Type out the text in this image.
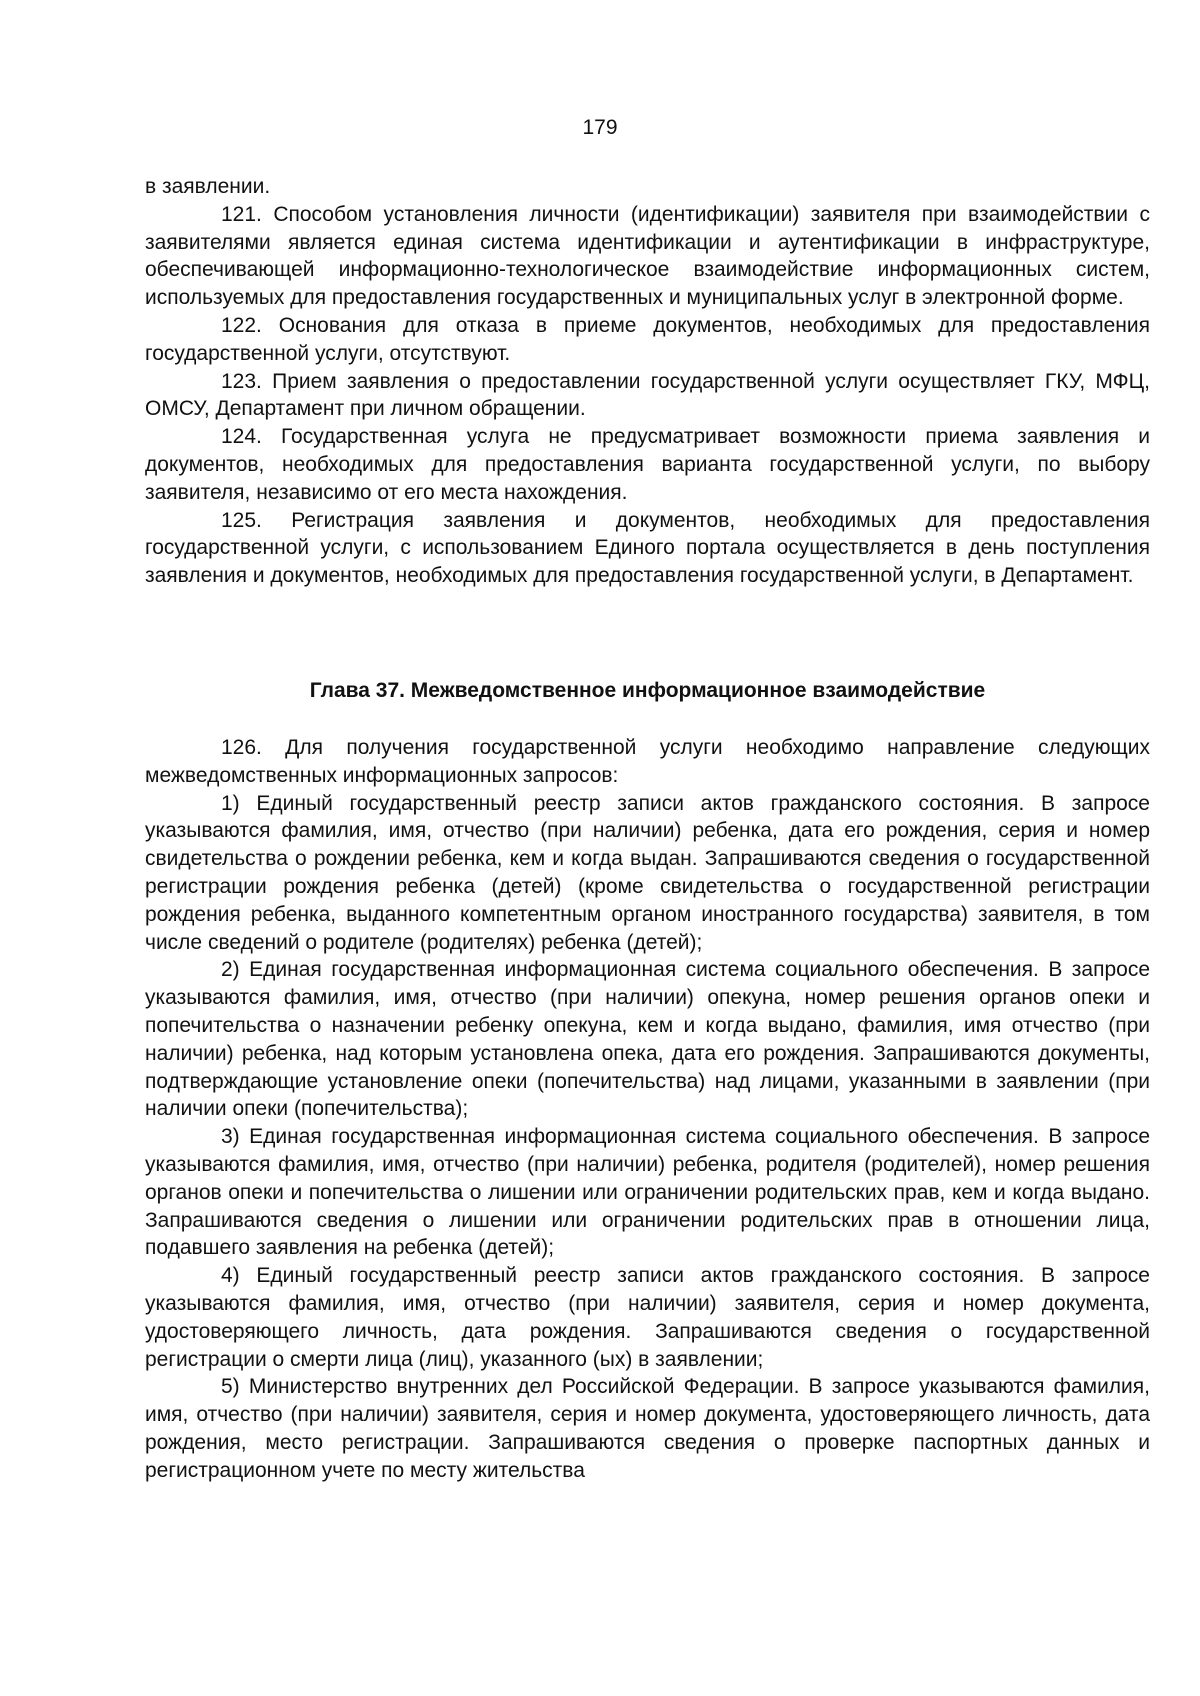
179

в заявлении.

121. Способом установления личности (идентификации) заявителя при взаимодействии с заявителями является единая система идентификации и аутентификации в инфраструктуре, обеспечивающей информационно-технологическое взаимодействие информационных систем, используемых для предоставления государственных и муниципальных услуг в электронной форме.

122. Основания для отказа в приеме документов, необходимых для предоставления государственной услуги, отсутствуют.

123. Прием заявления о предоставлении государственной услуги осуществляет ГКУ, МФЦ, ОМСУ, Департамент при личном обращении.

124. Государственная услуга не предусматривает возможности приема заявления и документов, необходимых для предоставления варианта государственной услуги, по выбору заявителя, независимо от его места нахождения.

125. Регистрация заявления и документов, необходимых для предоставления государственной услуги, с использованием Единого портала осуществляется в день поступления заявления и документов, необходимых для предоставления государственной услуги, в Департамент.

Глава 37. Межведомственное информационное взаимодействие

126. Для получения государственной услуги необходимо направление следующих межведомственных информационных запросов:

1) Единый государственный реестр записи актов гражданского состояния. В запросе указываются фамилия, имя, отчество (при наличии) ребенка, дата его рождения, серия и номер свидетельства о рождении ребенка, кем и когда выдан. Запрашиваются сведения о государственной регистрации рождения ребенка (детей) (кроме свидетельства о государственной регистрации рождения ребенка, выданного компетентным органом иностранного государства) заявителя, в том числе сведений о родителе (родителях) ребенка (детей);

2) Единая государственная информационная система социального обеспечения. В запросе указываются фамилия, имя, отчество (при наличии) опекуна, номер решения органов опеки и попечительства о назначении ребенку опекуна, кем и когда выдано, фамилия, имя отчество (при наличии) ребенка, над которым установлена опека, дата его рождения. Запрашиваются документы, подтверждающие установление опеки (попечительства) над лицами, указанными в заявлении (при наличии опеки (попечительства);

3) Единая государственная информационная система социального обеспечения. В запросе указываются фамилия, имя, отчество (при наличии) ребенка, родителя (родителей), номер решения органов опеки и попечительства о лишении или ограничении родительских прав, кем и когда выдано. Запрашиваются сведения о лишении или ограничении родительских прав в отношении лица, подавшего заявления на ребенка (детей);

4) Единый государственный реестр записи актов гражданского состояния. В запросе указываются фамилия, имя, отчество (при наличии) заявителя, серия и номер документа, удостоверяющего личность, дата рождения. Запрашиваются сведения о государственной регистрации о смерти лица (лиц), указанного (ых) в заявлении;

5) Министерство внутренних дел Российской Федерации. В запросе указываются фамилия, имя, отчество (при наличии) заявителя, серия и номер документа, удостоверяющего личность, дата рождения, место регистрации. Запрашиваются сведения о проверке паспортных данных и регистрационном учете по месту жительства
